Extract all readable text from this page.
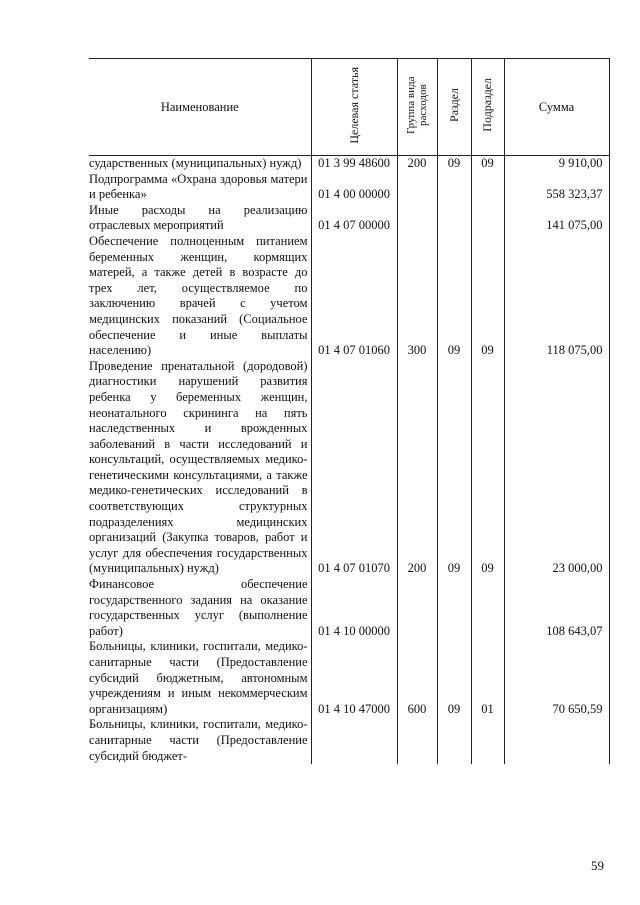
Наименование	Целевая статья	Группа вида расходов	Раздел	Подраздел	Сумма
сударственных (муниципальных) нужд)	01 3 99 48600	200	09	09	9 910,00
Подпрограмма «Охрана здоровья матери и ребенка»	01 4 00 00000				558 323,37
Иные расходы на реализацию отраслевых мероприятий	01 4 07 00000				141 075,00
Обеспечение полноценным питанием беременных женщин, кормящих матерей, а также детей в возрасте до трех лет, осуществляемое по заключению врачей с учетом медицинских показаний (Социальное обеспечение и иные выплаты населению)	01 4 07 01060	300	09	09	118 075,00
Проведение пренатальной (дородовой) диагностики нарушений развития ребенка у беременных женщин, неонатального скрининга на пять наследственных и врожденных заболеваний в части исследований и консультаций, осуществляемых медико-генетическими консультациями, а также медико-генетических исследований в соответствующих структурных подразделениях медицинских организаций (Закупка товаров, работ и услуг для обеспечения государственных (муниципальных) нужд)	01 4 07 01070	200	09	09	23 000,00
Финансовое обеспечение государственного задания на оказание государственных услуг (выполнение работ)	01 4 10 00000				108 643,07
Больницы, клиники, госпитали, медико-санитарные части (Предоставление субсидий бюджетным, автономным учреждениям и иным некоммерческим организациям)	01 4 10 47000	600	09	01	70 650,59
Больницы, клиники, госпитали, медико-санитарные части (Предоставление субсидий бюджет-					
59
